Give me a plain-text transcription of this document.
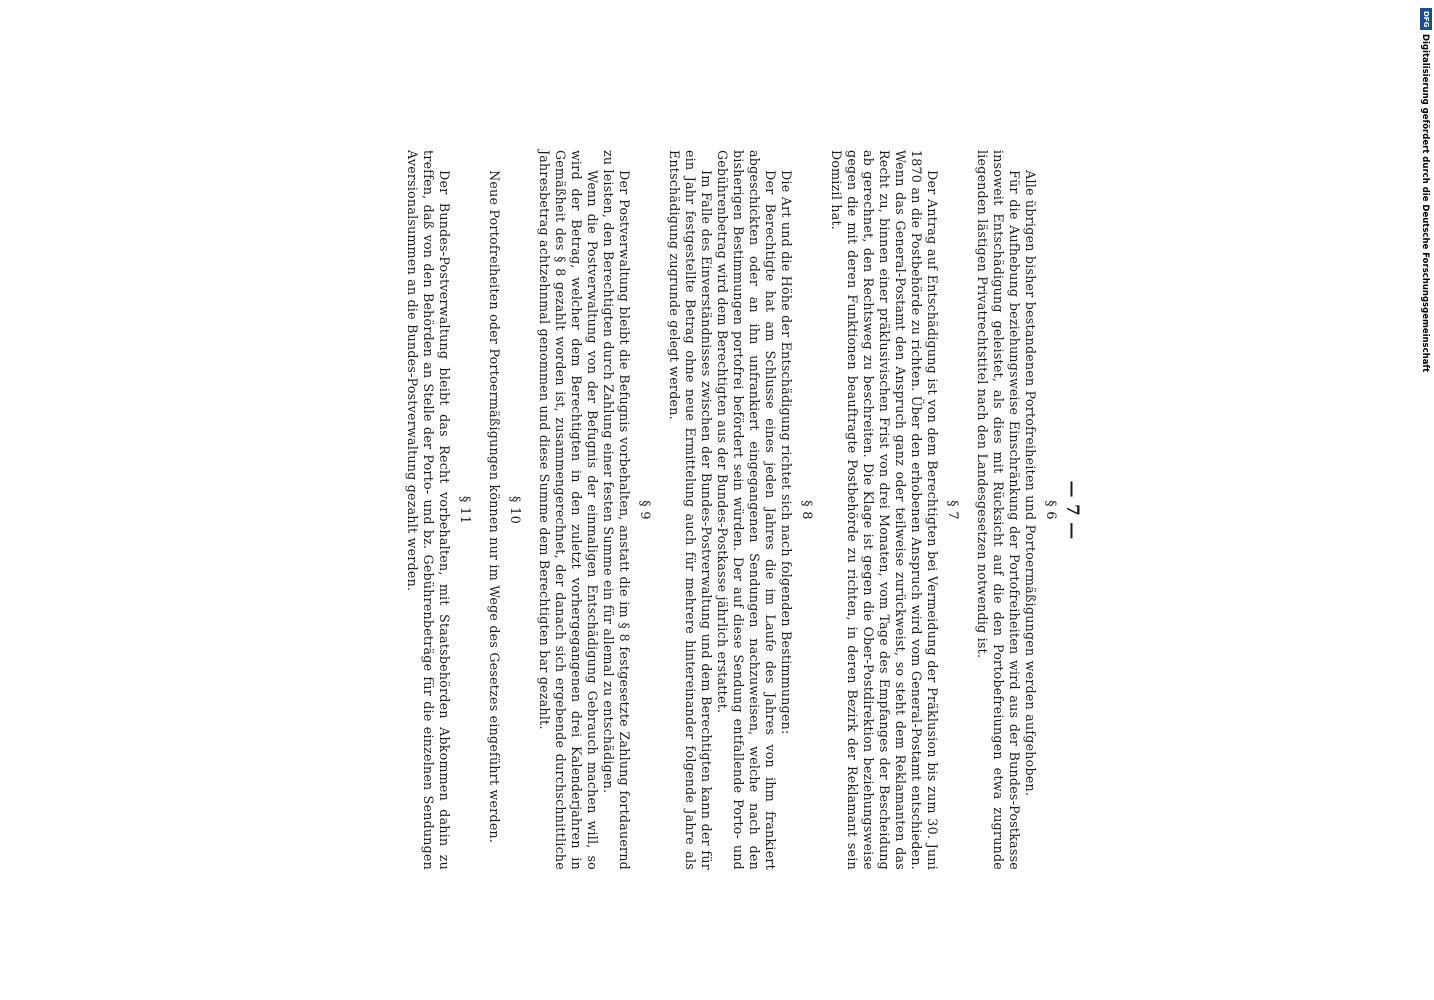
— 7 —
§ 6

Alle übrigen bisher bestandenen Portofreiheiten und Portoermäßigungen werden aufgehoben.

Für die Aufhebung beziehungsweise Einschränkung der Portofreiheiten wird aus der Bundes-Postkasse insoweit Entschädigung geleistet, als dies mit Rücksicht auf die den Portobefreiungen etwa zugrunde liegenden lästigen Privatrechtstitel nach den Landesgesetzen notwendig ist.

§ 7

Der Antrag auf Entschädigung ist von dem Berechtigten bei Vermeidung der Präklusion bis zum 30. Juni 1870 an die Postbehörde zu richten. Über den erhobenen Anspruch wird vom General-Postamt entschieden. Wenn das General-Postamt den Anspruch ganz oder teilweise zurückweist, so steht dem Reklamanten das Recht zu, binnen einer präklusivischen Frist von drei Monaten, vom Tage des Empfanges der Bescheidung ab gerechnet, den Rechtsweg zu beschreiten. Die Klage ist gegen die Ober-Postdirektion beziehungsweise gegen die mit deren Funktionen beauftragte Postbehörde zu richten, in deren Bezirk der Reklamant sein Domizil hat.

§ 8

Die Art und die Höhe der Entschädigung richtet sich nach folgenden Bestimmungen:

Der Berechtigte hat am Schlusse eines jeden Jahres die im Laufe des Jahres von ihm frankiert abgeschickten oder an ihn unfrankiert eingegangenen Sendungen nachzuweisen, welche nach den bisherigen Bestimmungen portofrei befördert sein würden. Der auf diese Sendung entfallende Porto- und Gebührenbetrag wird dem Berechtigten aus der Bundes-Postkasse jährlich erstattet.

Im Falle des Einverständnisses zwischen der Bundes-Postverwaltung und dem Berechtigten kann der für ein Jahr festgestellte Betrag ohne neue Ermittelung auch für mehrere hintereinander folgende Jahre als Entschädigung zugrunde gelegt werden.

§ 9

Der Postverwaltung bleibt die Befugnis vorbehalten, anstatt die im § 8 festgesetzte Zahlung fortdauernd zu leisten, den Berechtigten durch Zahlung einer festen Summe ein für allemal zu entschädigen.

Wenn die Postverwaltung von der Befugnis der einmaligen Entschädigung Gebrauch machen will, so wird der Betrag, welcher dem Berechtigten in den zuletzt vorhergegangenen drei Kalenderjahren in Gemäßheit des § 8 gezahlt worden ist, zusammengerechnet, der danach sich ergebende durchschnittliche Jahresbetrag achtzehnmal genommen und diese Summe dem Berechtigten bar gezahlt.

§ 10

Neue Portofreiheiten oder Portoermäßigungen können nur im Wege des Gesetzes eingeführt werden.

§ 11

Der Bundes-Postverwaltung bleibt das Recht vorbehalten, mit Staatsbehörden Abkommen dahin zu treffen, daß von den Behörden an Stelle der Porto- und bz. Gebührenbeträge für die einzelnen Sendungen Aversionalsummen an die Bundes-Postverwaltung gezahlt werden.

DFG
Digitalisierung gefördert durch die Deutsche Forschungsgemeinschaft
